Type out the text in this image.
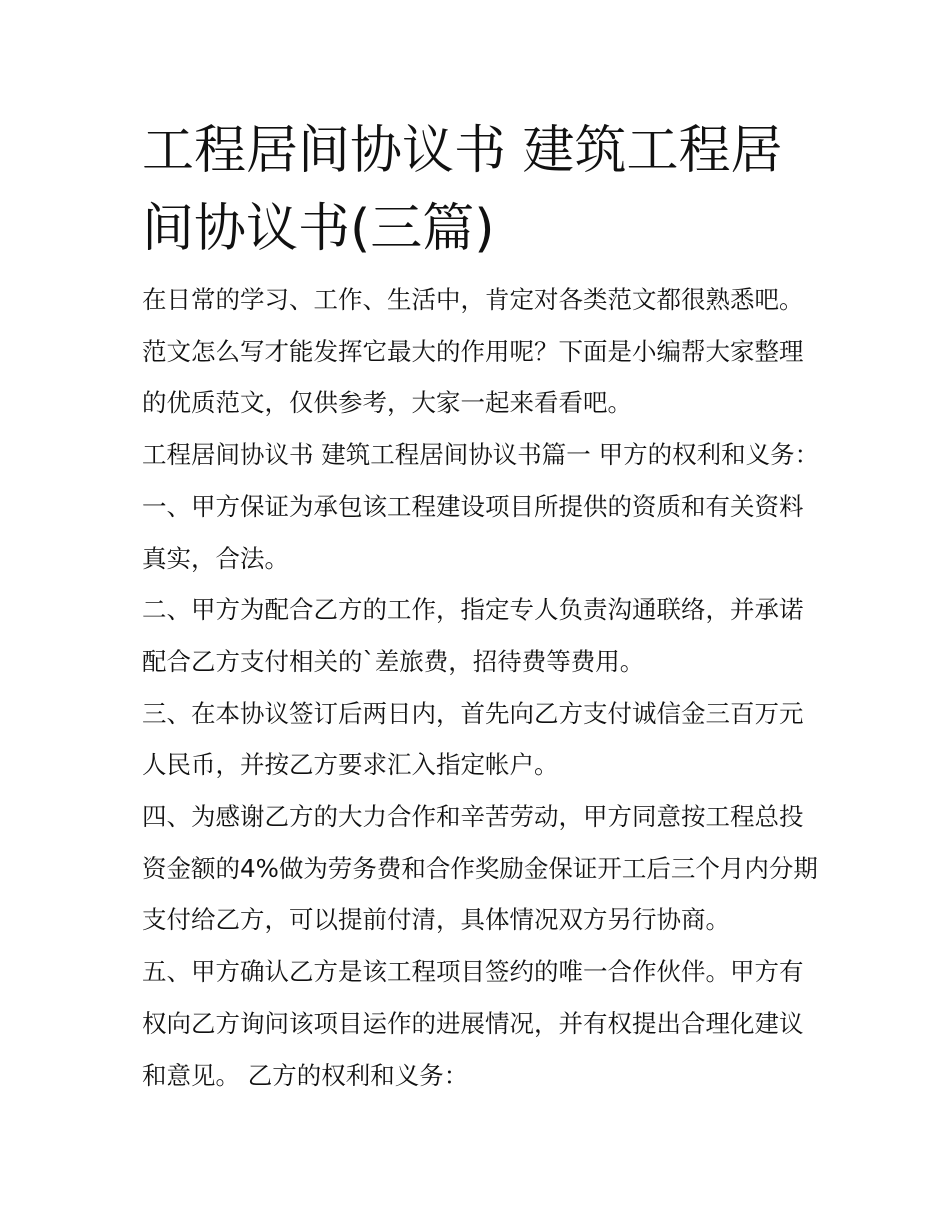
工程居间协议书 建筑工程居间协议书(三篇)

在日常的学习、工作、生活中，肯定对各类范文都很熟悉吧。范文怎么写才能发挥它最大的作用呢？下面是小编帮大家整理的优质范文，仅供参考，大家一起来看看吧。

工程居间协议书 建筑工程居间协议书篇一 甲方的权利和义务： 一、甲方保证为承包该工程建设项目所提供的资质和有关资料真实，合法。

二、甲方为配合乙方的工作，指定专人负责沟通联络，并承诺配合乙方支付相关的`差旅费，招待费等费用。

三、在本协议签订后两日内，首先向乙方支付诚信金三百万元人民币，并按乙方要求汇入指定帐户。

四、为感谢乙方的大力合作和辛苦劳动，甲方同意按工程总投资金额的4%做为劳务费和合作奖励金保证开工后三个月内分期支付给乙方，可以提前付清，具体情况双方另行协商。

五、甲方确认乙方是该工程项目签约的唯一合作伙伴。甲方有权向乙方询问该项目运作的进展情况，并有权提出合理化建议和意见。 乙方的权利和义务：
